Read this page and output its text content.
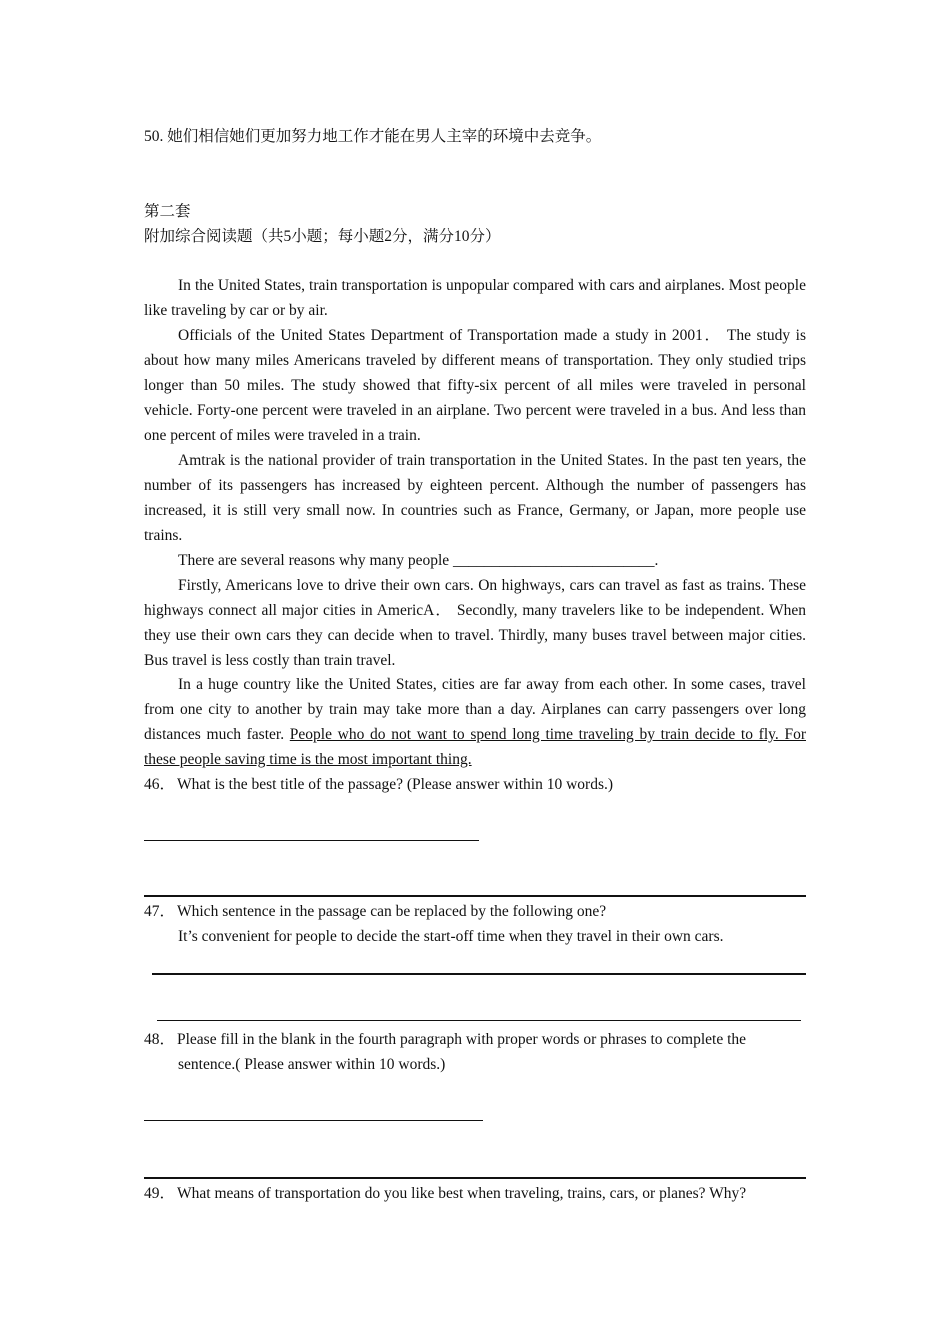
50. 她们相信她们更加努力地工作才能在男人主宰的环境中去竞争。
第二套
附加综合阅读题（共5小题；每小题2分，满分10分）
In the United States, train transportation is unpopular compared with cars and airplanes. Most people like traveling by car or by air.
Officials of the United States Department of Transportation made a study in 2001． The study is about how many miles Americans traveled by different means of transportation. They only studied trips longer than 50 miles. The study showed that fifty-six percent of all miles were traveled in personal vehicle. Forty-one percent were traveled in an airplane. Two percent were traveled in a bus. And less than one percent of miles were traveled in a train.
Amtrak is the national provider of train transportation in the United States. In the past ten years, the number of its passengers has increased by eighteen percent. Although the number of passengers has increased, it is still very small now. In countries such as France, Germany, or Japan, more people use trains.
There are several reasons why many people __________________________.
Firstly, Americans love to drive their own cars. On highways, cars can travel as fast as trains. These highways connect all major cities in AmericA． Secondly, many travelers like to be independent. When they use their own cars they can decide when to travel. Thirdly, many buses travel between major cities. Bus travel is less costly than train travel.
In a huge country like the United States, cities are far away from each other. In some cases, travel from one city to another by train may take more than a day. Airplanes can carry passengers over long distances much faster. People who do not want to spend long time traveling by train decide to fly. For these people saving time is the most important thing.
46． What is the best title of the passage? (Please answer within 10 words.)
47． Which sentence in the passage can be replaced by the following one?
It’s convenient for people to decide the start-off time when they travel in their own cars.
48． Please fill in the blank in the fourth paragraph with proper words or phrases to complete the
sentence.( Please answer within 10 words.)
49． What means of transportation do you like best when traveling, trains, cars, or planes? Why?
